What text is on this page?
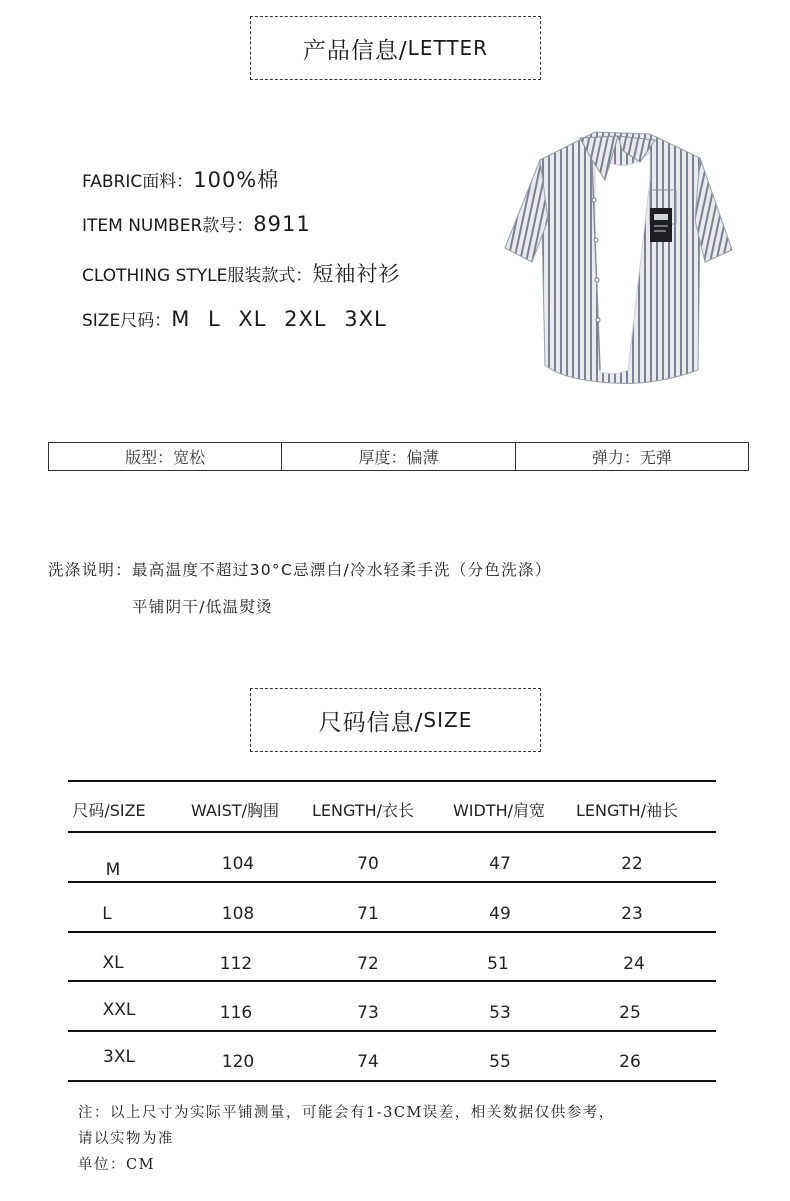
产品信息/ LETTER
FABRIC面料： 100%棉
ITEM NUMBER款号： 8911
CLOTHING STYLE服装款式： 短袖衬衫
SIZE尺码： M L XL 2XL 3XL
版型：宽松	厚度：偏薄	弹力：无弹
洗涤说明：最高温度不超过30°C忌漂白/冷水轻柔手洗（分色洗涤）
平铺阴干/低温熨烫
尺码信息/ SIZE
尺码/SIZE	WAIST/胸围	LENGTH/衣长	WIDTH/肩宽	LENGTH/袖长
M	104	70	47	22
L	108	71	49	23
XL	112	72	51	24
XXL	116	73	53	25
3XL	120	74	55	26
注：以上尺寸为实际平铺测量，可能会有1-3CM误差，相关数据仅供参考，
请以实物为准
单位：CM
